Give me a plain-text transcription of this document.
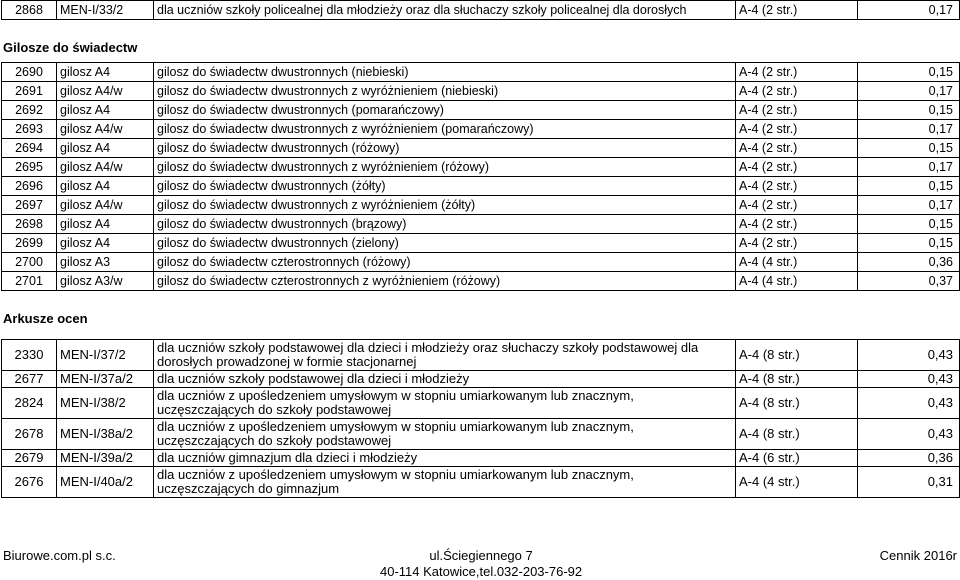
2868	MEN-I/33/2	dla uczniów szkoły policealnej dla młodzieży oraz dla słuchaczy szkoły policealnej dla dorosłych	A-4 (2 str.)	0,17
Gilosze do świadectw
2690	gilosz A4	gilosz do świadectw dwustronnych (niebieski)	A-4 (2 str.)	0,15
2691	gilosz A4/w	gilosz do świadectw dwustronnych z wyróżnieniem (niebieski)	A-4 (2 str.)	0,17
2692	gilosz A4	gilosz do świadectw dwustronnych (pomarańczowy)	A-4 (2 str.)	0,15
2693	gilosz A4/w	gilosz do świadectw dwustronnych z wyróżnieniem (pomarańczowy)	A-4 (2 str.)	0,17
2694	gilosz A4	gilosz do świadectw dwustronnych (różowy)	A-4 (2 str.)	0,15
2695	gilosz A4/w	gilosz do świadectw dwustronnych z wyróżnieniem (różowy)	A-4 (2 str.)	0,17
2696	gilosz A4	gilosz do świadectw dwustronnych (żółty)	A-4 (2 str.)	0,15
2697	gilosz A4/w	gilosz do świadectw dwustronnych z wyróżnieniem (żółty)	A-4 (2 str.)	0,17
2698	gilosz A4	gilosz do świadectw dwustronnych (brązowy)	A-4 (2 str.)	0,15
2699	gilosz A4	gilosz do świadectw dwustronnych (zielony)	A-4 (2 str.)	0,15
2700	gilosz A3	gilosz do świadectw czterostronnych (różowy)	A-4 (4 str.)	0,36
2701	gilosz A3/w	gilosz do świadectw czterostronnych z wyróżnieniem (różowy)	A-4 (4 str.)	0,37
Arkusze ocen
2330	MEN-I/37/2	dla uczniów szkoły podstawowej dla dzieci i młodzieży oraz słuchaczy szkoły podstawowej dla dorosłych prowadzonej w formie stacjonarnej	A-4 (8 str.)	0,43
2677	MEN-I/37a/2	dla uczniów szkoły podstawowej dla dzieci i młodzieży	A-4 (8 str.)	0,43
2824	MEN-I/38/2	dla uczniów z upośledzeniem umysłowym w stopniu umiarkowanym lub znacznym, uczęszczających do szkoły podstawowej	A-4 (8 str.)	0,43
2678	MEN-I/38a/2	dla uczniów z upośledzeniem umysłowym w stopniu umiarkowanym lub znacznym, uczęszczających do szkoły podstawowej	A-4 (8 str.)	0,43
2679	MEN-I/39a/2	dla uczniów gimnazjum dla dzieci i młodzieży	A-4 (6 str.)	0,36
2676	MEN-I/40a/2	dla uczniów z upośledzeniem umysłowym w stopniu umiarkowanym lub znacznym, uczęszczających do gimnazjum	A-4 (4 str.)	0,31
Biurowe.com.pl s.c.	ul.Ściegiennego 7
40-114 Katowice,tel.032-203-76-92
Cennik 2016r
